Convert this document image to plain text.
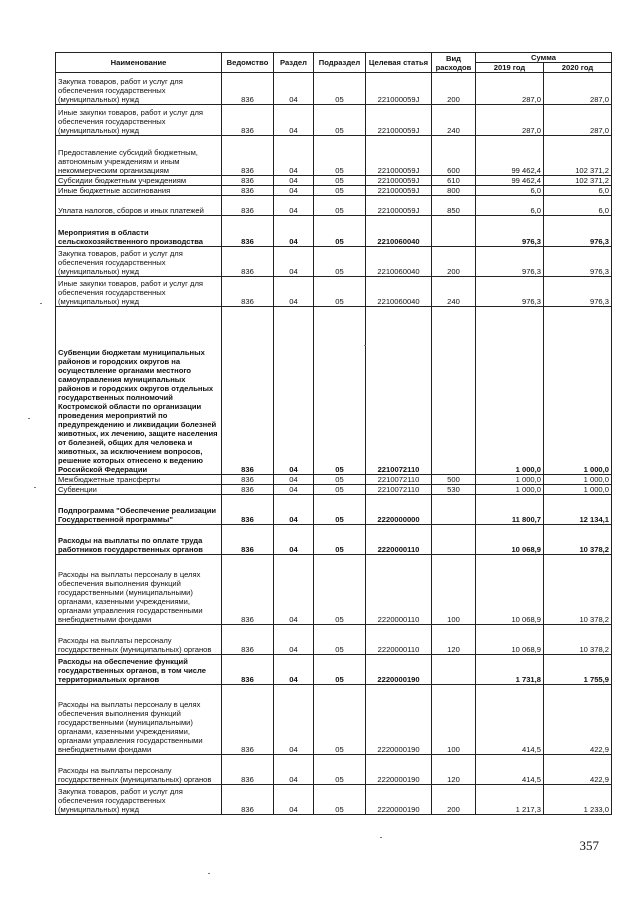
Наименование	Ведомство	Раздел	Подраздел	Целевая статья	Вид расходов	Сумма	
						2019 год	2020 год
Закупка товаров, работ и услуг для обеспечения государственных (муниципальных) нужд	836	04	05	221000059J	200	287,0	287,0
Иные закупки товаров, работ и услуг для обеспечения государственных (муниципальных) нужд	836	04	05	221000059J	240	287,0	287,0
Предоставление субсидий бюджетным, автономным учреждениям и иным некоммерческим организациям	836	04	05	221000059J	600	99 462,4	102 371,2
Субсидии бюджетным учреждениям	836	04	05	221000059J	610	99 462,4	102 371,2
Иные бюджетные ассигнования	836	04	05	221000059J	800	6,0	6,0
Уплата налогов, сборов и иных платежей	836	04	05	221000059J	850	6,0	6,0
Мероприятия в области сельскохозяйственного производства	836	04	05	2210060040		976,3	976,3
Закупка товаров, работ и услуг для обеспечения государственных (муниципальных) нужд	836	04	05	2210060040	200	976,3	976,3
Иные закупки товаров, работ и услуг для обеспечения государственных (муниципальных) нужд	836	04	05	2210060040	240	976,3	976,3
Субвенции бюджетам муниципальных районов и городских округов на осуществление органами местного самоуправления муниципальных районов и городских округов отдельных государственных полномочий Костромской области по организации проведения мероприятий по предупреждению и ликвидации болезней животных, их лечению, защите населения от болезней, общих для человека и животных, за исключением вопросов, решение которых отнесено к ведению Российской Федерации	836	04	05	2210072110		1 000,0	1 000,0
Межбюджетные трансферты	836	04	05	2210072110	500	1 000,0	1 000,0
Субвенции	836	04	05	2210072110	530	1 000,0	1 000,0
Подпрограмма "Обеспечение реализации Государственной программы"	836	04	05	2220000000		11 800,7	12 134,1
Расходы на выплаты по оплате труда работников государственных органов	836	04	05	2220000110		10 068,9	10 378,2
Расходы на выплаты персоналу в целях обеспечения выполнения функций государственными (муниципальными) органами, казенными учреждениями, органами управления государственными внебюджетными фондами	836	04	05	2220000110	100	10 068,9	10 378,2
Расходы на выплаты персоналу государственных (муниципальных) органов	836	04	05	2220000110	120	10 068,9	10 378,2
Расходы на обеспечение функций государственных органов, в том числе территориальных органов	836	04	05	2220000190		1 731,8	1 755,9
Расходы на выплаты персоналу в целях обеспечения выполнения функций государственными (муниципальными) органами, казенными учреждениями, органами управления государственными внебюджетными фондами	836	04	05	2220000190	100	414,5	422,9
Расходы на выплаты персоналу государственных (муниципальных) органов	836	04	05	2220000190	120	414,5	422,9
Закупка товаров, работ и услуг для обеспечения государственных (муниципальных) нужд	836	04	05	2220000190	200	1 217,3	1 233,0
357
